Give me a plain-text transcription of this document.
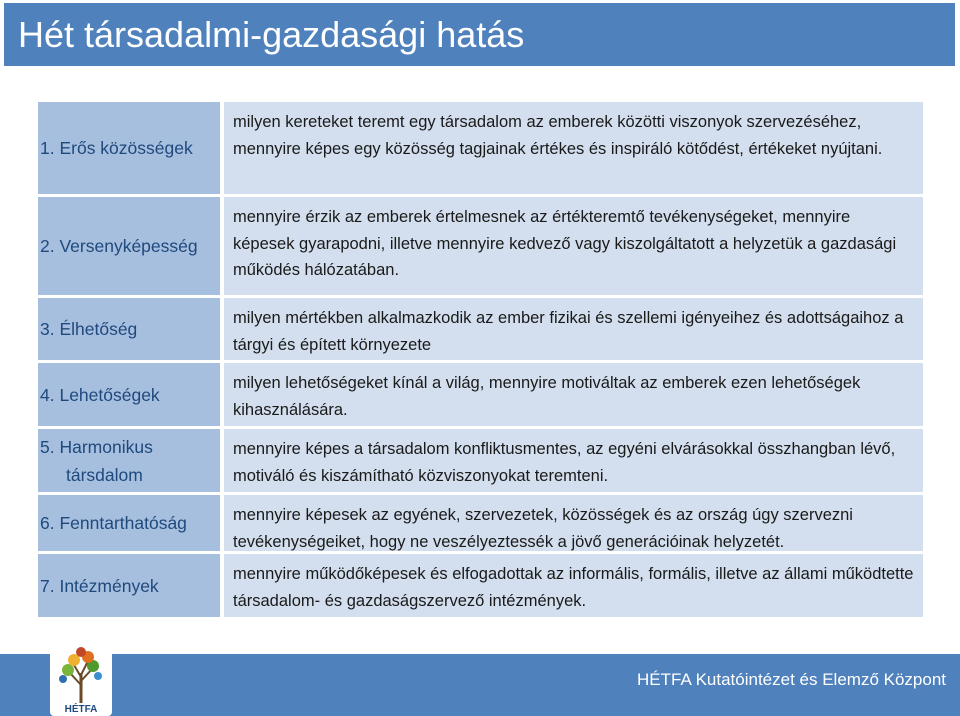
Hét társadalmi-gazdasági hatás
1. Erős közösségek
milyen kereteket teremt egy társadalom az emberek közötti viszonyok szervezéséhez, mennyire képes egy közösség tagjainak értékes és inspiráló kötődést, értékeket nyújtani.
2. Versenyképesség
mennyire érzik az emberek értelmesnek az értékteremtő tevékenységeket, mennyire képesek gyarapodni, illetve mennyire kedvező vagy kiszolgáltatott a helyzetük a gazdasági működés hálózatában.
3. Élhetőség
milyen mértékben alkalmazkodik az ember fizikai és szellemi igényeihez és adottságaihoz a tárgyi és épített környezete
4. Lehetőségek
milyen lehetőségeket kínál a világ, mennyire motiváltak az emberek ezen lehetőségek kihasználására.
5. Harmonikus
társdalom
mennyire képes a társadalom konfliktusmentes, az egyéni elvárásokkal összhangban lévő, motiváló és kiszámítható közviszonyokat teremteni.
6. Fenntarthatóság	mennyire képesek az egyének, szervezetek, közösségek és az ország úgy szervezni tevékenységeiket, hogy ne veszélyeztessék a jövő generációinak helyzetét.
7. Intézmények
mennyire működőképesek és elfogadottak az informális, formális, illetve az állami működtette társadalom- és gazdaságszervező intézmények.
HÉTFA Kutatóintézet és Elemző Központ
HÉTFA
